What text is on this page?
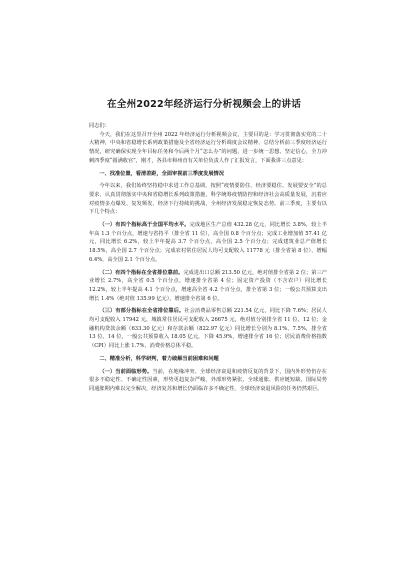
在全州2022年经济运行分析视频会上的讲话

同志们：

今天，我们在这里召开全州 2022 年经济运行分析视频会议，主要目的是：学习贯彻落实党的二十大精神，中央和省稳增长系列政策措施及全省经济运行分析调度会议精神，总结分析前三季度经济运行情况，研究确保实现全年目标任务和今后两个月“怎么办”的问题，进一步统一思想、坚定信心，全力冲刺四季度“圆满收官”，刚才，各县市和州直有关单位负责人作了汇报发言，下面我讲三点意见：

一、找准位置，看清差距，全面审视前三季度发展情况

今年以来，我们始终坚持稳中求进工作总基调，按照“疫情要防住、经济要稳住、发展要安全”的总要求，认真贯彻落实中央和省稳增长系列政策措施，科学统筹疫情防控和经济社会高质量发展，沉着应对疫情多点爆发、复发频发、经济下行持续的挑战，全州经济发展稳定恢复态势。前三季度，主要有以下几个特点：

（一）有四个指标高于全国平均水平。完成地区生产总值 432.28 亿元，同比增长 3.8%，较上半年高 1.3 个百分点，增速与省持平（排全省 11 位），高全国 0.8 个百分点；完成工业增加值 57.41 亿元，同比增长 6.2%，较上半年提高 3.7 个百分点，高全国 2.5 个百分点；完成建筑业总产值增长 18.5%，高全国 2.7 个百分点；完成农村常住居民人均可支配收入 11778 元（排全省第 8 位），增幅 6.4%，高全国 2.1 个百分点。

（二）有四个指标在全省排位靠前。完成进出口总额 213.50 亿元，绝对值排全省第 2 位；第三产业增长 2.7%，高全省 0.5 个百分点，增速排全省第 4 位；固定资产投资（不含农户）同比增长 12.2%，较上半年提高 4.1 个百分点，增速高全省 4.2 个百分点，排全省第 3 位；一般公共预算支出增长 1.4%（绝对值 135.99 亿元），增速排全省第 6 位。

（三）有部分指标在全省排位靠后。社会消费品零售总额 221.54 亿元，同比下降 7.6%；居民人均可支配收入 17942 元，城镇常住居民可支配收入 26675 元，绝对值分别排全省 11 位、12 位；金融机构贷款余额（633.30 亿元）和存款余额（822.97 亿元）同比增长分别为 8.1%、7.5%，排全省 13 位、14 位，一般公共预算收入 18.05 亿元，下降 45.9%，增速排全省 16 位；居民消费价格指数（CPI）同比上涨 1.7%，消费价格总体平稳。

二、精准分析，科学研判，着力破解当前困难和问题

（一）当前面临形势。当前，在地缘冲突、全球经济衰退和疫情反复的背景下，国内外形势仍存在很多不稳定性、不确定性因素，形势更趋复杂严峻，外部形势紧张，全球通胀、供应链短缺、国际局势同通胀期内难以完全解决，经济复苏和增长仍面临许多不确定性，全球经济衰退风险的任务仍然艰巨。
